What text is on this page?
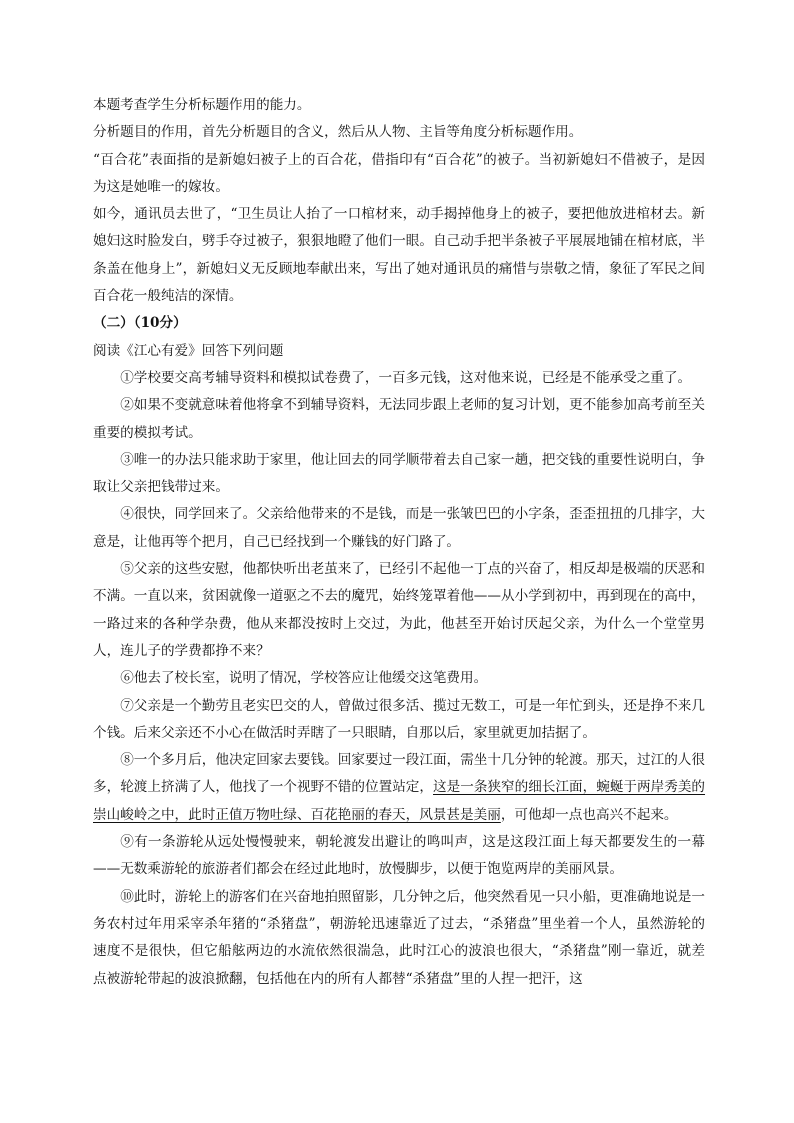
本题考查学生分析标题作用的能力。

分析题目的作用，首先分析题目的含义，然后从人物、主旨等角度分析标题作用。

“百合花”表面指的是新媳妇被子上的百合花，借指印有“百合花”的被子。当初新媳妇不借被子，是因为这是她唯一的嫁妆。

如今，通讯员去世了，“卫生员让人抬了一口棺材来，动手揭掉他身上的被子，要把他放进棺材去。新媳妇这时脸发白，劈手夺过被子，狠狠地瞪了他们一眼。自己动手把半条被子平展展地铺在棺材底，半条盖在他身上”，新媳妇义无反顾地奉献出来，写出了她对通讯员的痛惜与崇敬之情，象征了军民之间百合花一般纯洁的深情。

（二）（10分）

阅读《江心有爱》回答下列问题

①学校要交高考辅导资料和模拟试卷费了，一百多元钱，这对他来说，已经是不能承受之重了。

②如果不变就意味着他将拿不到辅导资料，无法同步跟上老师的复习计划，更不能参加高考前至关重要的模拟考试。

③唯一的办法只能求助于家里，他让回去的同学顺带着去自己家一趟，把交钱的重要性说明白，争取让父亲把钱带过来。

④很快，同学回来了。父亲给他带来的不是钱，而是一张皱巴巴的小字条，歪歪扭扭的几排字，大意是，让他再等个把月，自己已经找到一个赚钱的好门路了。

⑤父亲的这些安慰，他都快听出老茧来了，已经引不起他一丁点的兴奋了，相反却是极端的厌恶和不满。一直以来，贫困就像一道驱之不去的魔咒，始终笼罩着他——从小学到初中，再到现在的高中，一路过来的各种学杂费，他从来都没按时上交过，为此，他甚至开始讨厌起父亲，为什么一个堂堂男人，连儿子的学费都挣不来？

⑥他去了校长室，说明了情况，学校答应让他缓交这笔费用。

⑦父亲是一个勤劳且老实巴交的人，曾做过很多活、揽过无数工，可是一年忙到头，还是挣不来几个钱。后来父亲还不小心在做活时弄瞎了一只眼睛，自那以后，家里就更加拮据了。

⑧一个多月后，他决定回家去要钱。回家要过一段江面，需坐十几分钟的轮渡。那天，过江的人很多，轮渡上挤满了人，他找了一个视野不错的位置站定，这是一条狭窄的细长江面，蜿蜒于两岸秀美的崇山峻岭之中，此时正值万物吐绿、百花艳丽的春天，风景甚是美丽，可他却一点也高兴不起来。

⑨有一条游轮从远处慢慢驶来，朝轮渡发出避让的鸣叫声，这是这段江面上每天都要发生的一幕——无数乘游轮的旅游者们都会在经过此地时，放慢脚步，以便于饱览两岸的美丽风景。

⑩此时，游轮上的游客们在兴奋地拍照留影，几分钟之后，他突然看见一只小船，更准确地说是一务农村过年用采宰杀年猪的“杀猪盘”，朝游轮迅速靠近了过去，“杀猪盘”里坐着一个人，虽然游轮的速度不是很快，但它船舷两边的水流依然很湍急，此时江心的波浪也很大，“杀猪盘”刚一靠近，就差点被游轮带起的波浪掀翻，包括他在内的所有人都替“杀猪盘”里的人捏一把汗，这
